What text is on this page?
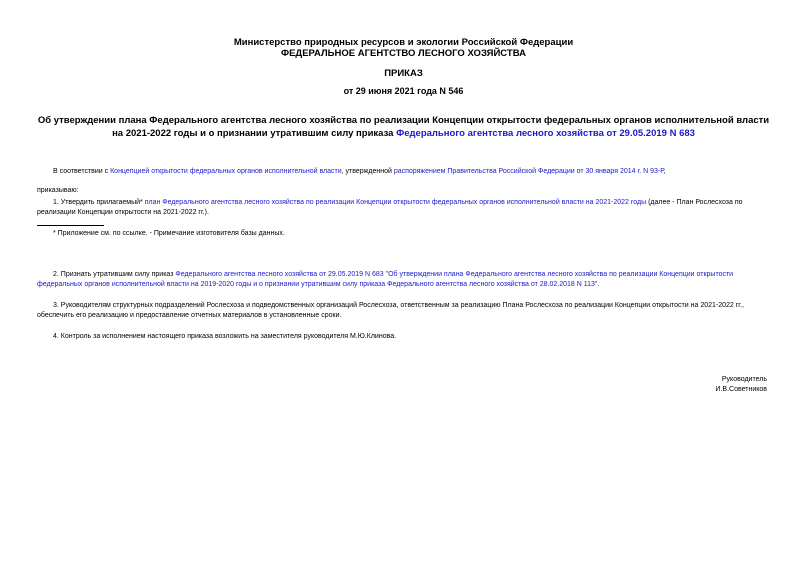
Министерство природных ресурсов и экологии Российской Федерации
ФЕДЕРАЛЬНОЕ АГЕНТСТВО ЛЕСНОГО ХОЗЯЙСТВА
ПРИКАЗ
от 29 июня 2021 года N 546
Об утверждении плана Федерального агентства лесного хозяйства по реализации Концепции открытости федеральных органов исполнительной власти на 2021-2022 годы и о признании утратившим силу приказа Федерального агентства лесного хозяйства от 29.05.2019 N 683
В соответствии с Концепцией открытости федеральных органов исполнительной власти, утвержденной распоряжением Правительства Российской Федерации от 30 января 2014 г. N 93-Р,
приказываю:
1. Утвердить прилагаемый* план Федерального агентства лесного хозяйства по реализации Концепции открытости федеральных органов исполнительной власти на 2021-2022 годы (далее - План Рослесхоза по реализации Концепции открытости на 2021-2022 гг.).
* Приложение см. по ссылке. - Примечание изготовителя базы данных.
2. Признать утратившим силу приказ Федерального агентства лесного хозяйства от 29.05.2019 N 683 "Об утверждении плана Федерального агентства лесного хозяйства по реализации Концепции открытости федеральных органов исполнительной власти на 2019-2020 годы и о признании утратившим силу приказа Федерального агентства лесного хозяйства от 28.02.2018 N 113".
3. Руководителям структурных подразделений Рослесхоза и подведомственных организаций Рослесхоза, ответственным за реализацию Плана Рослесхоза по реализации Концепции открытости на 2021-2022 гг., обеспечить его реализацию и предоставление отчетных материалов в установленные сроки.
4. Контроль за исполнением настоящего приказа возложить на заместителя руководителя М.Ю.Клинова.
Руководитель
И.В.Советников
